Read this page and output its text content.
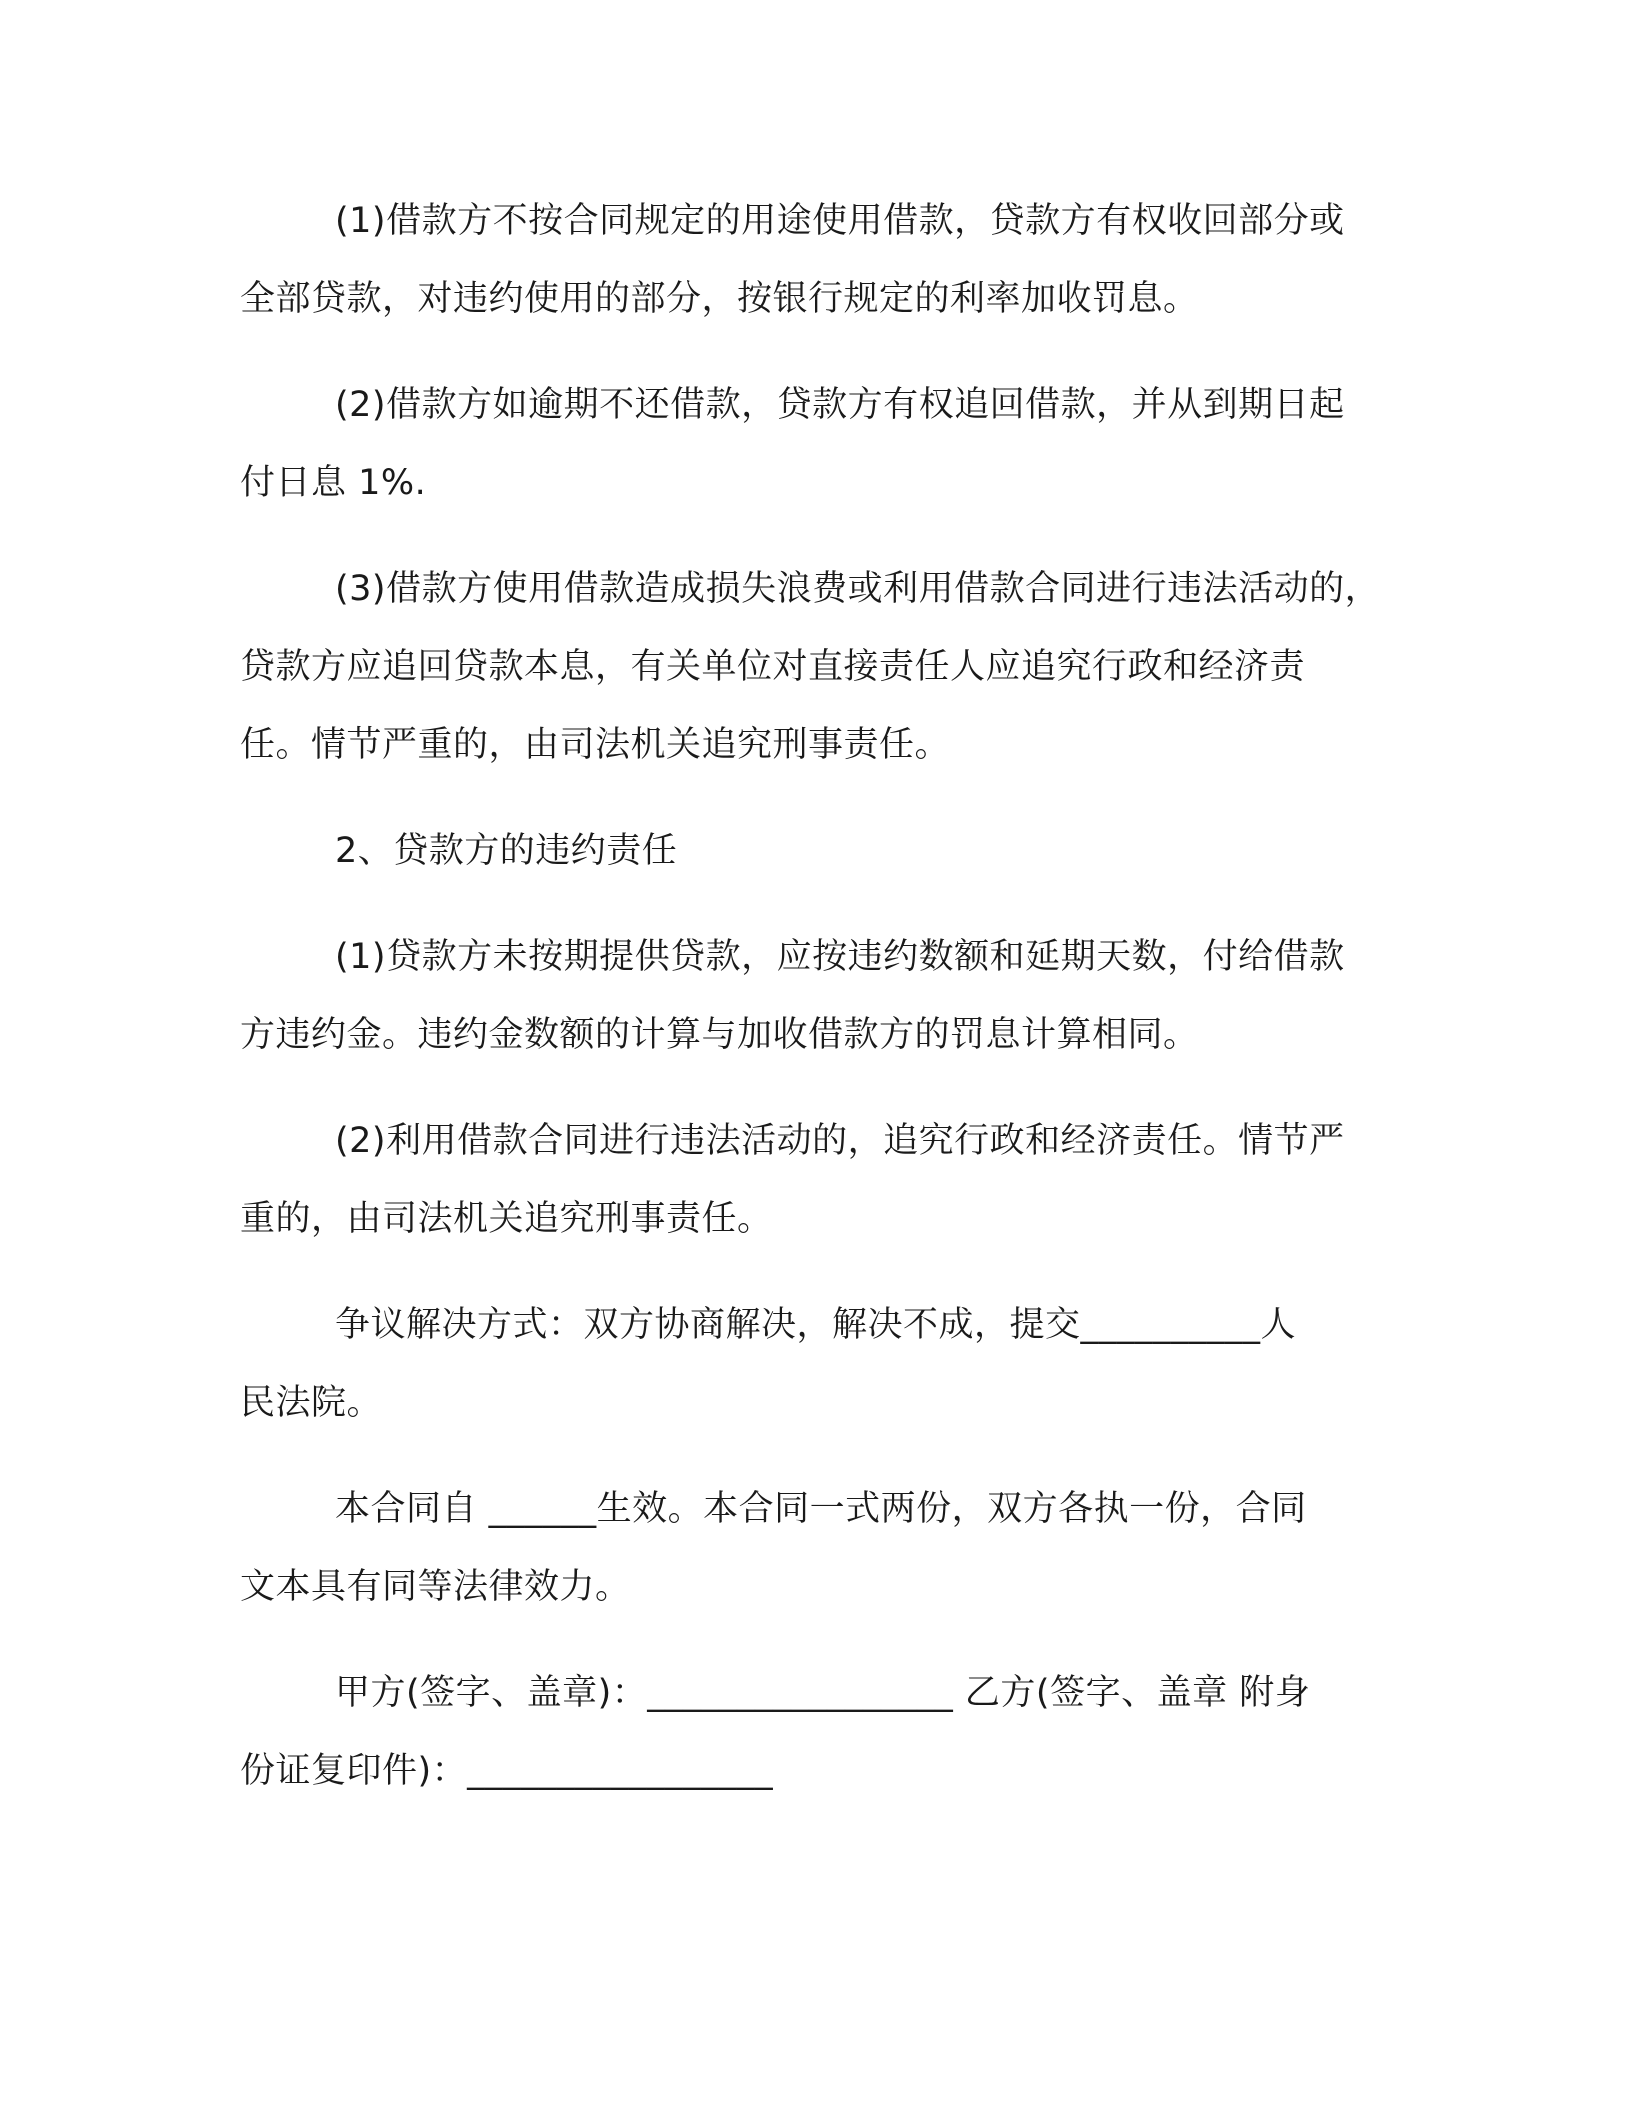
(1)借款方不按合同规定的用途使用借款，贷款方有权收回部分或
全部贷款，对违约使用的部分，按银行规定的利率加收罚息。

(2)借款方如逾期不还借款，贷款方有权追回借款，并从到期日起
付日息 1%.

(3)借款方使用借款造成损失浪费或利用借款合同进行违法活动的，
贷款方应追回贷款本息，有关单位对直接责任人应追究行政和经济责
任。情节严重的，由司法机关追究刑事责任。

2、贷款方的违约责任

(1)贷款方未按期提供贷款，应按违约数额和延期天数，付给借款
方违约金。违约金数额的计算与加收借款方的罚息计算相同。

(2)利用借款合同进行违法活动的，追究行政和经济责任。情节严
重的，由司法机关追究刑事责任。

争议解决方式：双方协商解决，解决不成，提交__________人
民法院。

本合同自 ______生效。本合同一式两份，双方各执一份，合同
文本具有同等法律效力。

甲方(签字、盖章)：_________________ 乙方(签字、盖章 附身
份证复印件)：_________________
